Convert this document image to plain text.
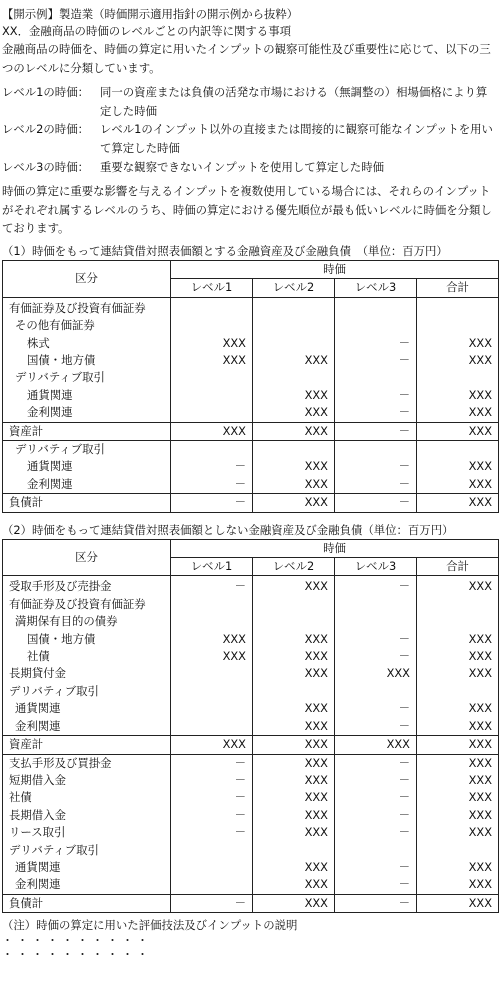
【開示例】製造業（時価開示適用指針の開示例から抜粋）
XX．金融商品の時価のレベルごとの内訳等に関する事項
金融商品の時価を、時価の算定に用いたインプットの観察可能性及び重要性に応じて、以下の三つのレベルに分類しています。
レベル1の時価： 同一の資産または負債の活発な市場における（無調整の）相場価格により算定した時価
レベル2の時価： レベル1のインプット以外の直接または間接的に観察可能なインプットを用いて算定した時価
レベル3の時価： 重要な観察できないインプットを使用して算定した時価
時価の算定に重要な影響を与えるインプットを複数使用している場合には、それらのインプットがそれぞれ属するレベルのうち、時価の算定における優先順位が最も低いレベルに時価を分類しております。
（1）時価をもって連結貸借対照表価額とする金融資産及び金融負債　（単位：百万円）
区分	時価			
	レベル1	レベル2	レベル3	合計
有価証券及び投資有価証券				
その他有価証券				
株式	XXX		－	XXX
国債・地方債	XXX	XXX	－	XXX
デリバティブ取引				
通貨関連		XXX	－	XXX
金利関連		XXX	－	XXX
資産計	XXX	XXX	－	XXX
デリバティブ取引				
通貨関連	－	XXX	－	XXX
金利関連	－	XXX	－	XXX
負債計	－	XXX	－	XXX
（2）時価をもって連結貸借対照表価額としない金融資産及び金融負債（単位：百万円）
区分	時価			
	レベル1	レベル2	レベル3	合計
受取手形及び売掛金	－	XXX	－	XXX
有価証券及び投資有価証券				
満期保有目的の債券				
国債・地方債	XXX	XXX	－	XXX
社債	XXX	XXX	－	XXX
長期貸付金		XXX	XXX	XXX
デリバティブ取引				
通貨関連		XXX	－	XXX
金利関連		XXX	－	XXX
資産計	XXX	XXX	XXX	XXX
支払手形及び買掛金	－	XXX	－	XXX
短期借入金	－	XXX	－	XXX
社債	－	XXX	－	XXX
長期借入金	－	XXX	－	XXX
リース取引	－	XXX	－	XXX
デリバティブ取引				
通貨関連		XXX	－	XXX
金利関連		XXX	－	XXX
負債計	－	XXX	－	XXX
（注）時価の算定に用いた評価技法及びインプットの説明
・・・・・・・・・・
・・・・・・・・・・
